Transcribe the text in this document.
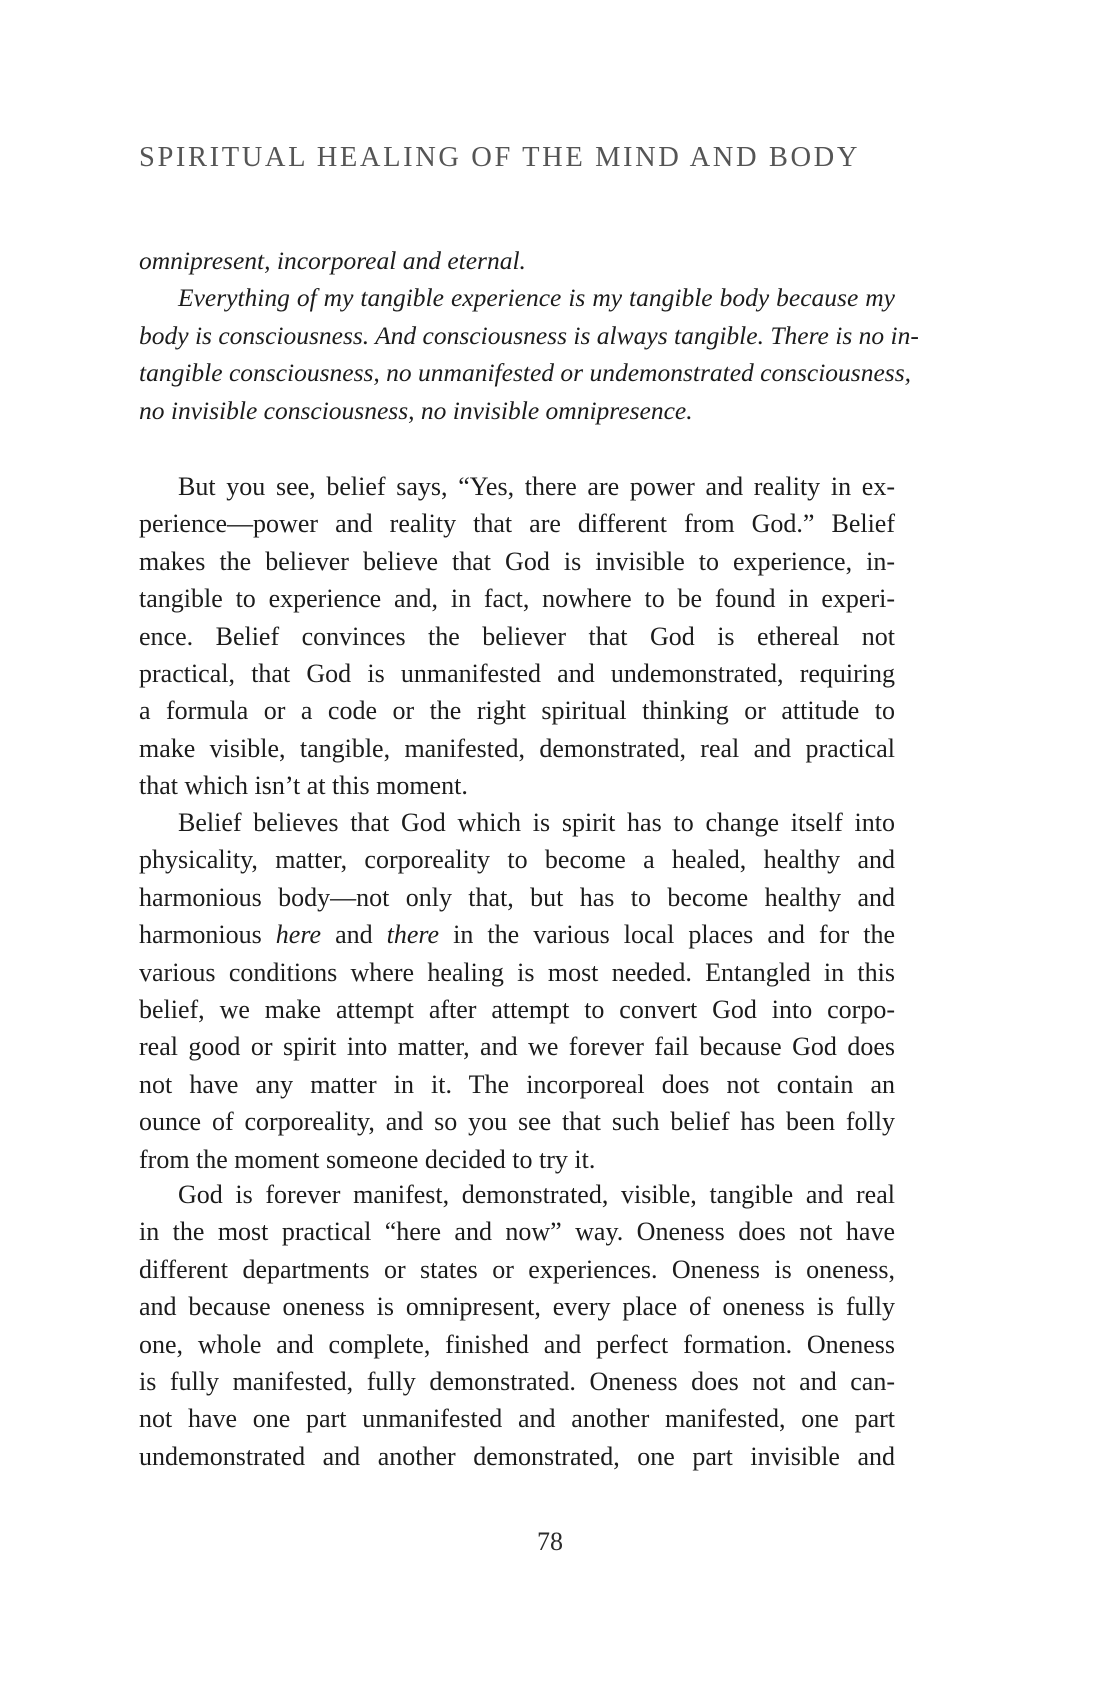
SPIRITUAL HEALING OF THE MIND AND BODY
omnipresent, incorporeal and eternal.
Everything of my tangible experience is my tangible body because my
body is consciousness. And consciousness is always tangible. There is no in-
tangible consciousness, no unmanifested or undemonstrated consciousness,
no invisible consciousness, no invisible omnipresence.
But you see, belief says, “Yes, there are power and reality in ex-
perience—power and reality that are different from God.” Belief
makes the believer believe that God is invisible to experience, in-
tangible to experience and, in fact, nowhere to be found in experi-
ence. Belief convinces the believer that God is ethereal not
practical, that God is unmanifested and undemonstrated, requiring
a formula or a code or the right spiritual thinking or attitude to
make visible, tangible, manifested, demonstrated, real and practical
that which isn’t at this moment.
Belief believes that God which is spirit has to change itself into
physicality, matter, corporeality to become a healed, healthy and
harmonious body—not only that, but has to become healthy and
harmonious here and there in the various local places and for the
various conditions where healing is most needed. Entangled in this
belief, we make attempt after attempt to convert God into corpo-
real good or spirit into matter, and we forever fail because God does
not have any matter in it. The incorporeal does not contain an
ounce of corporeality, and so you see that such belief has been folly
from the moment someone decided to try it.
God is forever manifest, demonstrated, visible, tangible and real
in the most practical “here and now” way. Oneness does not have
different departments or states or experiences. Oneness is oneness,
and because oneness is omnipresent, every place of oneness is fully
one, whole and complete, finished and perfect formation. Oneness
is fully manifested, fully demonstrated. Oneness does not and can-
not have one part unmanifested and another manifested, one part
undemonstrated and another demonstrated, one part invisible and
78
